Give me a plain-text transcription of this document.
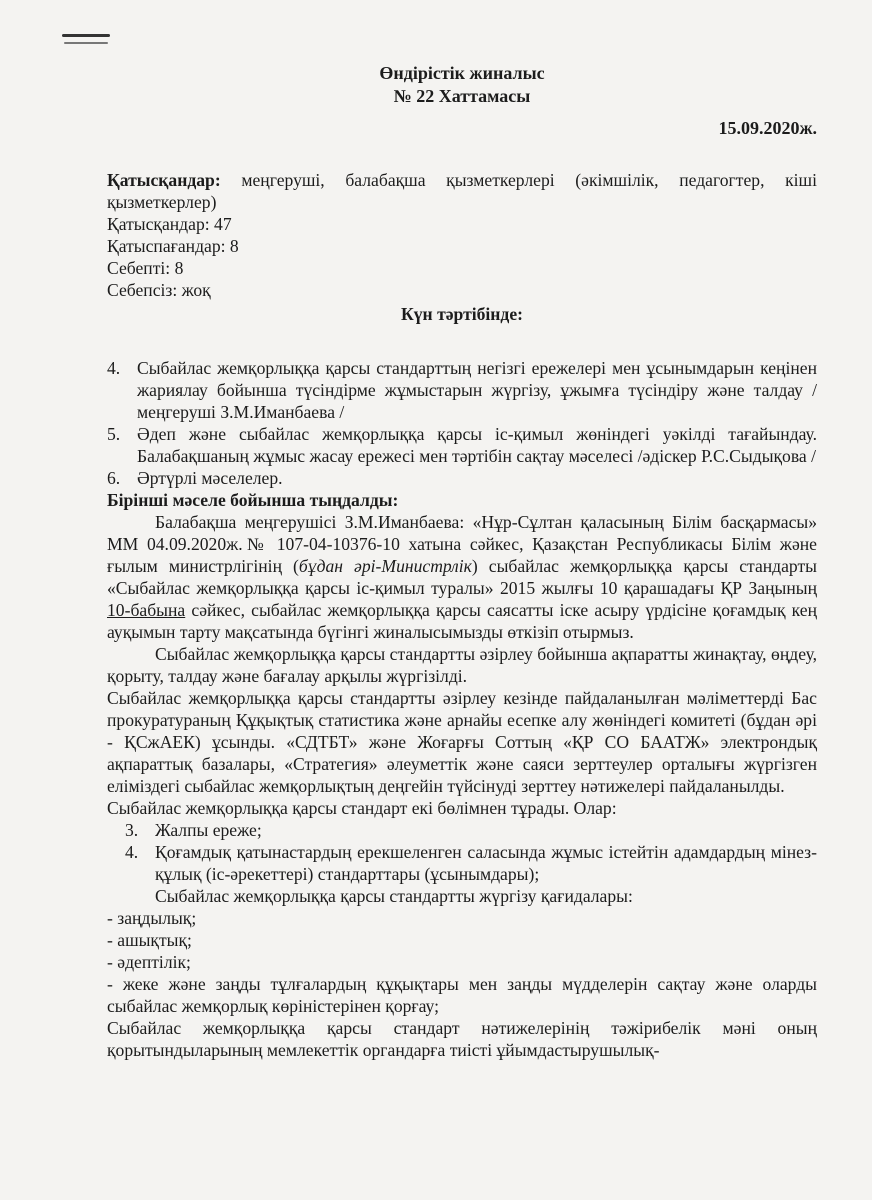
Өндірістік жиналыс

№ 22 Хаттамасы

15.09.2020ж.

Қатысқандар: меңгеруші, балабақша қызметкерлері (әкімшілік, педагогтер, кіші қызметкерлер)

Қатысқандар: 47

Қатыспағандар: 8

Себепті: 8

Себепсіз: жоқ

Күн тәртібінде:

4. Сыбайлас жемқорлыққа қарсы стандарттың негізгі ережелері мен ұсынымдарын кеңінен жариялау бойынша түсіндірме жұмыстарын жүргізу, ұжымға түсіндіру және талдау /меңгеруші З.М.Иманбаева /
5. Әдеп және сыбайлас жемқорлыққа қарсы іс-қимыл жөніндегі уәкілді тағайындау. Балабақшаның жұмыс жасау ережесі мен тәртібін сақтау мәселесі /әдіскер Р.С.Сыдықова /
6. Әртүрлі мәселелер.

Бірінші мәселе бойынша тыңдалды:

Балабақша меңгерушісі З.М.Иманбаева: «Нұр-Сұлтан қаласының Білім басқармасы» ММ 04.09.2020ж.№ 107-04-10376-10 хатына сәйкес, Қазақстан Республикасы Білім және ғылым министрлігінің (бұдан әрі-Министрлік) сыбайлас жемқорлыққа қарсы стандарты «Сыбайлас жемқорлыққа қарсы іс-қимыл туралы» 2015 жылғы 10 қарашадағы ҚР Заңының 10-бабына сәйкес, сыбайлас жемқорлыққа қарсы саясатты іске асыру үрдісіне қоғамдық кең ауқымын тарту мақсатында бүгінгі жиналысымызды өткізіп отырмыз.

Сыбайлас жемқорлыққа қарсы стандартты әзірлеу бойынша ақпаратты жинақтау, өңдеу, қорыту, талдау және бағалау арқылы жүргізілді.

Сыбайлас жемқорлыққа қарсы стандартты әзірлеу кезінде пайдаланылған мәліметтерді Бас прокуратураның Құқықтық статистика және арнайы есепке алу жөніндегі комитеті (бұдан әрі - ҚСжАЕК) ұсынды. «СДТБТ» және Жоғарғы Соттың «ҚР СО БААТЖ» электрондық ақпараттық базалары, «Стратегия» әлеуметтік және саяси зерттеулер орталығы жүргізген еліміздегі сыбайлас жемқорлықтың деңгейін түйсінуді зерттеу нәтижелері пайдаланылды.

Сыбайлас жемқорлыққа қарсы стандарт екі бөлімнен тұрады. Олар:

3. Жалпы ереже;
4. Қоғамдық қатынастардың ерекшеленген саласында жұмыс істейтін адамдардың мінез-құлық (іс-әрекеттері) стандарттары (ұсынымдары);

Сыбайлас жемқорлыққа қарсы стандартты жүргізу қағидалары:

- заңдылық;

- ашықтық;

- әдептілік;

- жеке және заңды тұлғалардың құқықтары мен заңды мүдделерін сақтау және оларды сыбайлас жемқорлық көріністерінен қорғау;

Сыбайлас жемқорлыққа қарсы стандарт нәтижелерінің тәжірибелік мәні оның қорытындыларының мемлекеттік органдарға тиісті ұйымдастырушылық-
